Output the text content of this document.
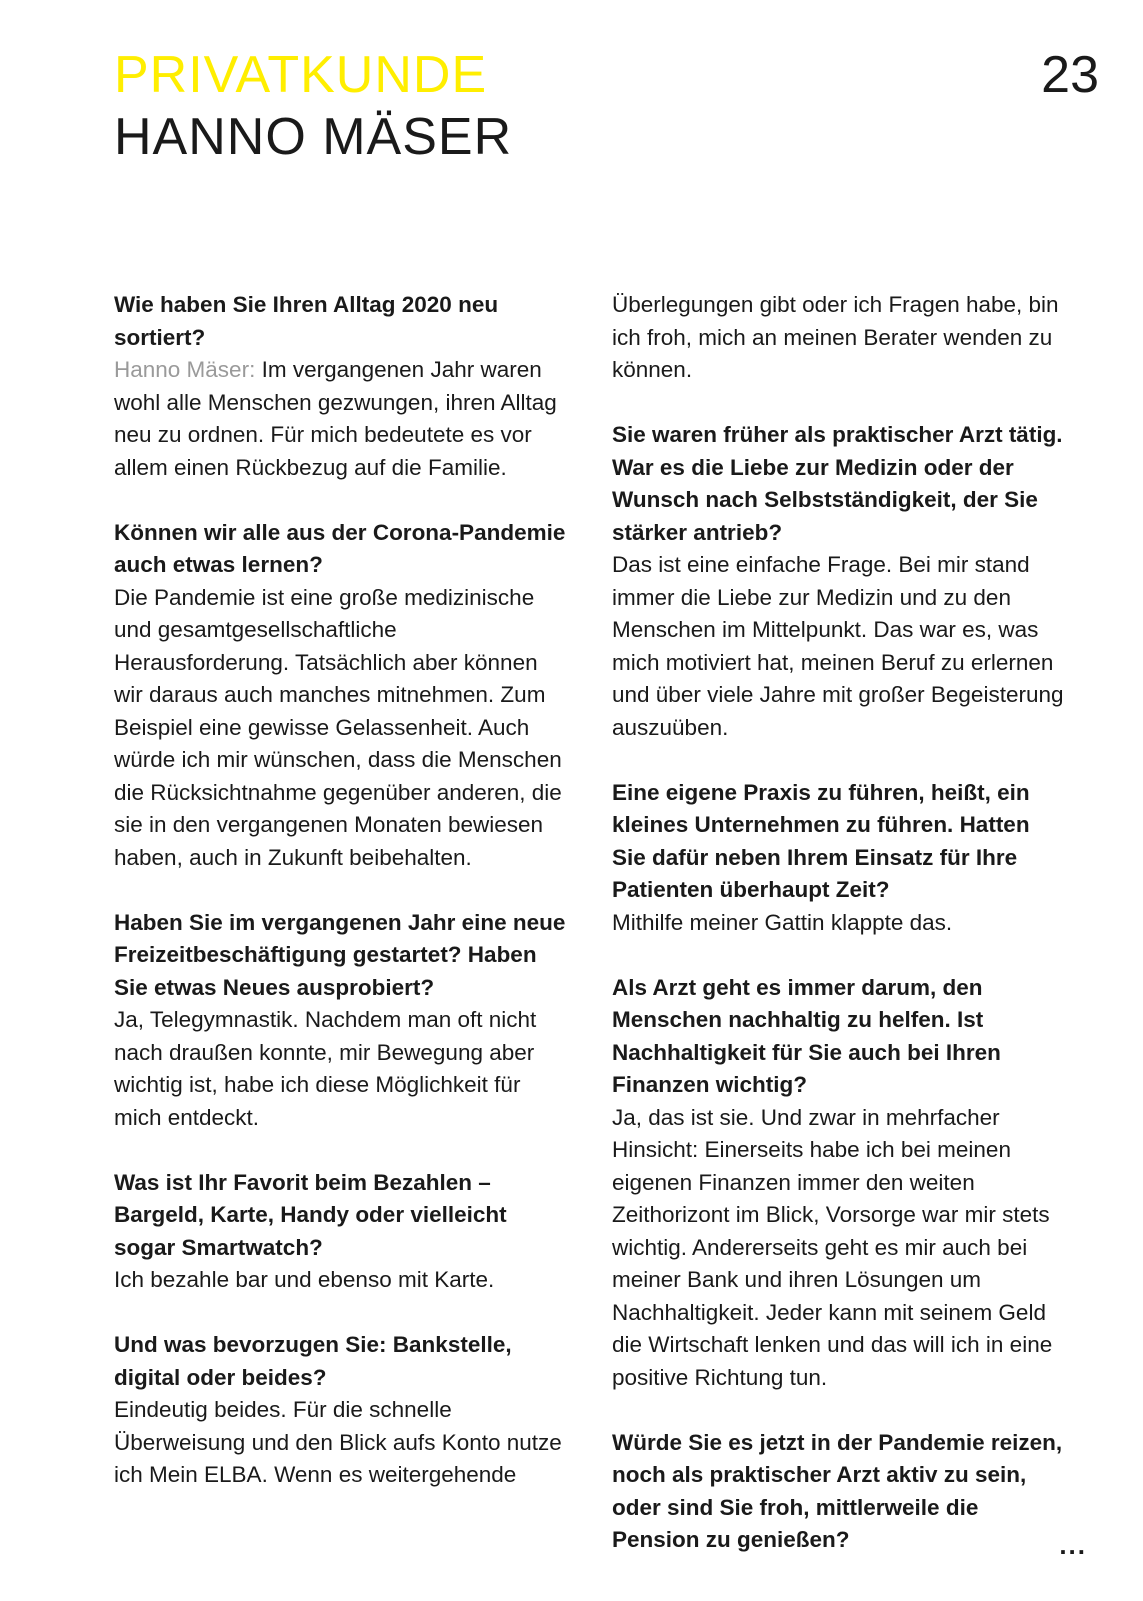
PRIVATKUNDE
HANNO MÄSER
23
Wie haben Sie Ihren Alltag 2020 neu sortiert?
Hanno Mäser: Im vergangenen Jahr waren wohl alle Menschen gezwungen, ihren Alltag neu zu ordnen. Für mich bedeutete es vor allem einen Rückbezug auf die Familie.
Können wir alle aus der Corona-Pandemie auch etwas lernen?
Die Pandemie ist eine große medizinische und gesamtgesellschaftliche Herausforderung. Tatsächlich aber können wir daraus auch manches mitnehmen. Zum Beispiel eine gewisse Gelassenheit. Auch würde ich mir wünschen, dass die Menschen die Rücksichtnahme gegenüber anderen, die sie in den vergangenen Monaten bewiesen haben, auch in Zukunft beibehalten.
Haben Sie im vergangenen Jahr eine neue Freizeitbeschäftigung gestartet? Haben Sie etwas Neues ausprobiert?
Ja, Telegymnastik. Nachdem man oft nicht nach draußen konnte, mir Bewegung aber wichtig ist, habe ich diese Möglichkeit für mich entdeckt.
Was ist Ihr Favorit beim Bezahlen – Bargeld, Karte, Handy oder vielleicht sogar Smartwatch?
Ich bezahle bar und ebenso mit Karte.
Und was bevorzugen Sie: Bankstelle, digital oder beides?
Eindeutig beides. Für die schnelle Überweisung und den Blick aufs Konto nutze ich Mein ELBA. Wenn es weitergehende
Überlegungen gibt oder ich Fragen habe, bin ich froh, mich an meinen Berater wenden zu können.
Sie waren früher als praktischer Arzt tätig. War es die Liebe zur Medizin oder der Wunsch nach Selbstständigkeit, der Sie stärker antrieb?
Das ist eine einfache Frage. Bei mir stand immer die Liebe zur Medizin und zu den Menschen im Mittelpunkt. Das war es, was mich motiviert hat, meinen Beruf zu erlernen und über viele Jahre mit großer Begeisterung auszuüben.
Eine eigene Praxis zu führen, heißt, ein kleines Unternehmen zu führen. Hatten Sie dafür neben Ihrem Einsatz für Ihre Patienten überhaupt Zeit?
Mithilfe meiner Gattin klappte das.
Als Arzt geht es immer darum, den Menschen nachhaltig zu helfen. Ist Nachhaltigkeit für Sie auch bei Ihren Finanzen wichtig?
Ja, das ist sie. Und zwar in mehrfacher Hinsicht: Einerseits habe ich bei meinen eigenen Finanzen immer den weiten Zeithorizont im Blick, Vorsorge war mir stets wichtig. Andererseits geht es mir auch bei meiner Bank und ihren Lösungen um Nachhaltigkeit. Jeder kann mit seinem Geld die Wirtschaft lenken und das will ich in eine positive Richtung tun.
Würde Sie es jetzt in der Pandemie reizen, noch als praktischer Arzt aktiv zu sein, oder sind Sie froh, mittlerweile die Pension zu genießen?	...
